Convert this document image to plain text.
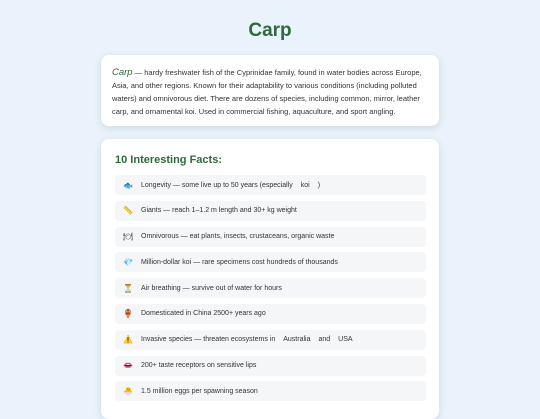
Carp
Carp — hardy freshwater fish of the Cyprinidae family, found in water bodies across Europe, Asia, and other regions. Known for their adaptability to various conditions (including polluted waters) and omnivorous diet. There are dozens of species, including common, mirror, leather carp, and ornamental koi. Used in commercial fishing, aquaculture, and sport angling.
10 Interesting Facts:
🐟 Longevity — some live up to 50 years (especially koi )
📏 Giants — reach 1–1.2 m length and 30+ kg weight
🍽 Omnivorous — eat plants, insects, crustaceans, organic waste
💎 Million-dollar koi — rare specimens cost hundreds of thousands
⏳ Air breathing — survive out of water for hours
🏺 Domesticated in China 2500+ years ago
⚠️ Invasive species — threaten ecosystems in Australia and USA
👄 200+ taste receptors on sensitive lips
🐣 1.5 million eggs per spawning season
